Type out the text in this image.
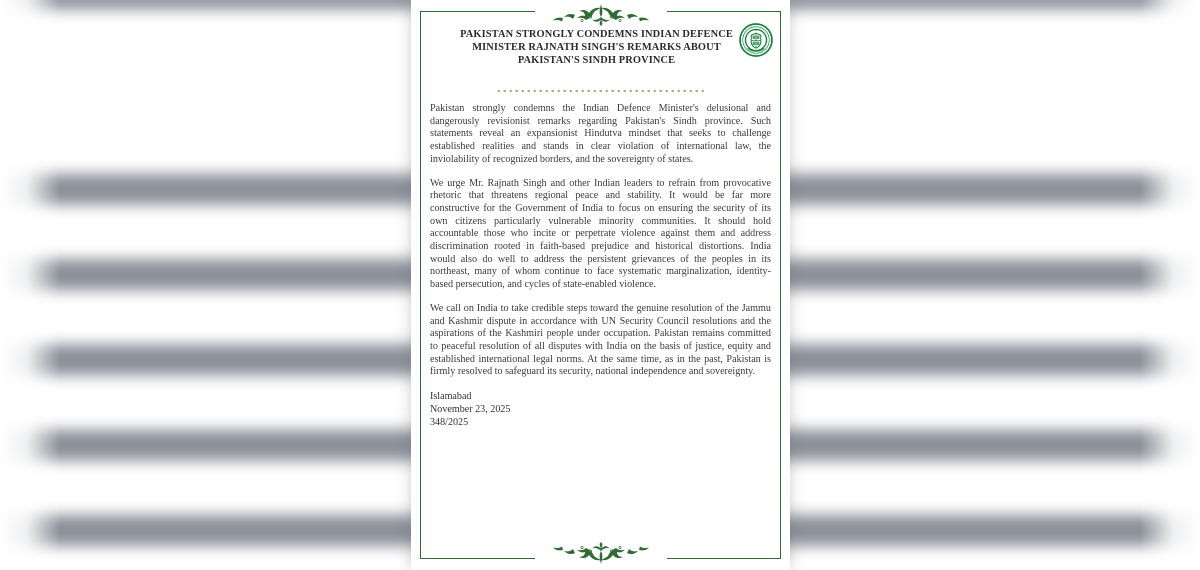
PAKISTAN STRONGLY CONDEMNS INDIAN DEFENCE MINISTER RAJNATH SINGH'S REMARKS ABOUT PAKISTAN'S SINDH PROVINCE

Pakistan strongly condemns the Indian Defence Minister's delusional and dangerously revisionist remarks regarding Pakistan's Sindh province. Such statements reveal an expansionist Hindutva mindset that seeks to challenge established realities and stands in clear violation of international law, the inviolability of recognized borders, and the sovereignty of states.

We urge Mr. Rajnath Singh and other Indian leaders to refrain from provocative rhetoric that threatens regional peace and stability. It would be far more constructive for the Government of India to focus on ensuring the security of its own citizens particularly vulnerable minority communities. It should hold accountable those who incite or perpetrate violence against them and address discrimination rooted in faith-based prejudice and historical distortions. India would also do well to address the persistent grievances of the peoples in its northeast, many of whom continue to face systematic marginalization, identity-based persecution, and cycles of state-enabled violence.

We call on India to take credible steps toward the genuine resolution of the Jammu and Kashmir dispute in accordance with UN Security Council resolutions and the aspirations of the Kashmiri people under occupation. Pakistan remains committed to peaceful resolution of all disputes with India on the basis of justice, equity and established international legal norms. At the same time, as in the past, Pakistan is firmly resolved to safeguard its security, national independence and sovereignty.

Islamabad
November 23, 2025
348/2025
